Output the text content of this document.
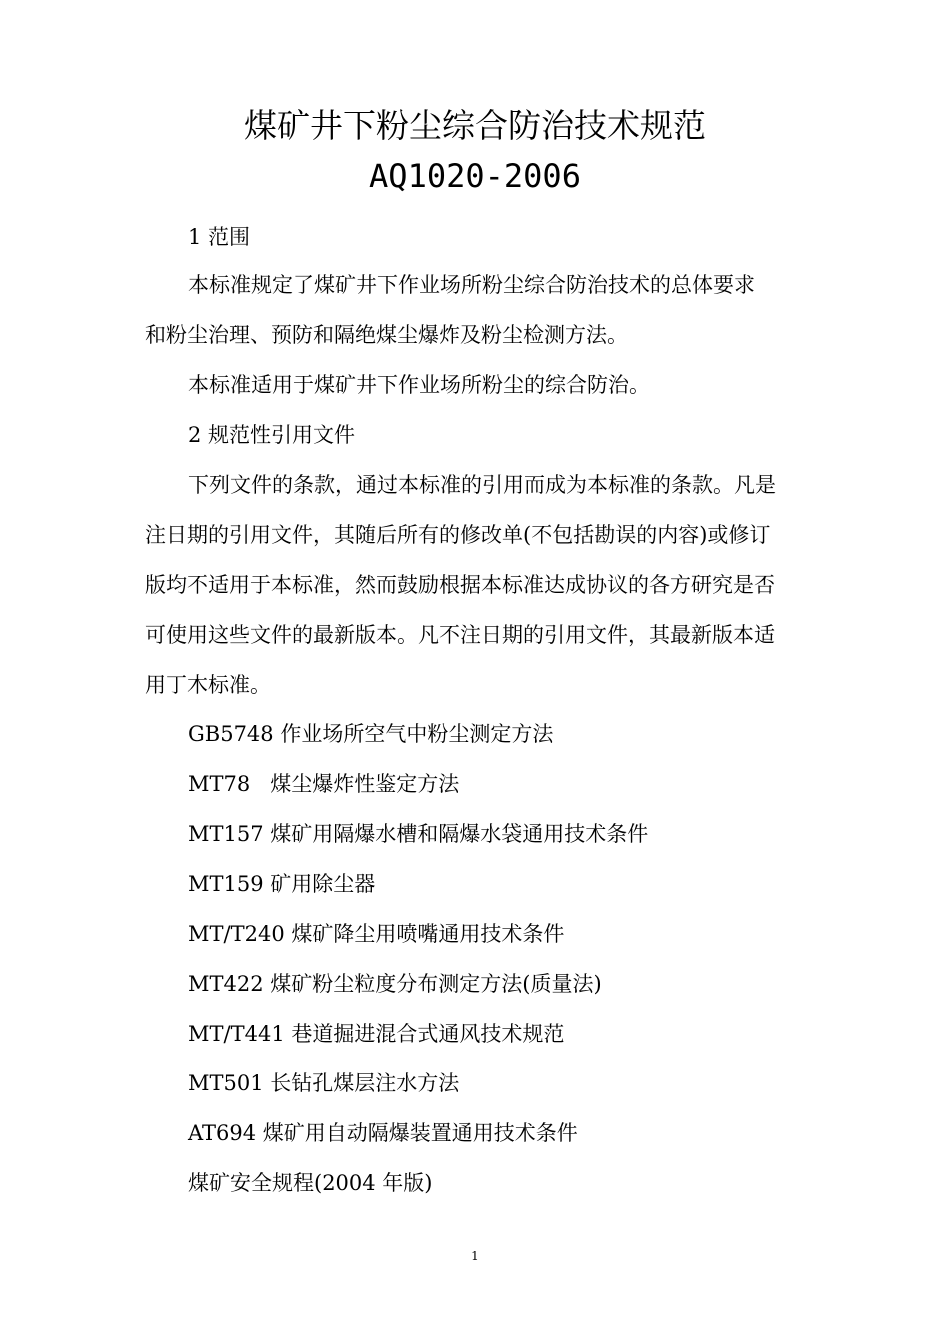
煤矿井下粉尘综合防治技术规范
AQ1020-2006
1 范围
本标准规定了煤矿井下作业场所粉尘综合防治技术的总体要求
和粉尘治理、预防和隔绝煤尘爆炸及粉尘检测方法。
本标准适用于煤矿井下作业场所粉尘的综合防治。
2 规范性引用文件
下列文件的条款，通过本标准的引用而成为本标准的条款。凡是
注日期的引用文件，其随后所有的修改单(不包括勘误的内容)或修订
版均不适用于本标准，然而鼓励根据本标准达成协议的各方研究是否
可使用这些文件的最新版本。凡不注日期的引用文件，其最新版本适
用丁木标准。
GB5748 作业场所空气中粉尘测定方法
MT78   煤尘爆炸性鉴定方法
MT157 煤矿用隔爆水槽和隔爆水袋通用技术条件
MT159 矿用除尘器
MT/T240 煤矿降尘用喷嘴通用技术条件
MT422 煤矿粉尘粒度分布测定方法(质量法)
MT/T441 巷道掘进混合式通风技术规范
MT501 长钻孔煤层注水方法
AT694 煤矿用自动隔爆装置通用技术条件
煤矿安全规程(2004 年版)
1
